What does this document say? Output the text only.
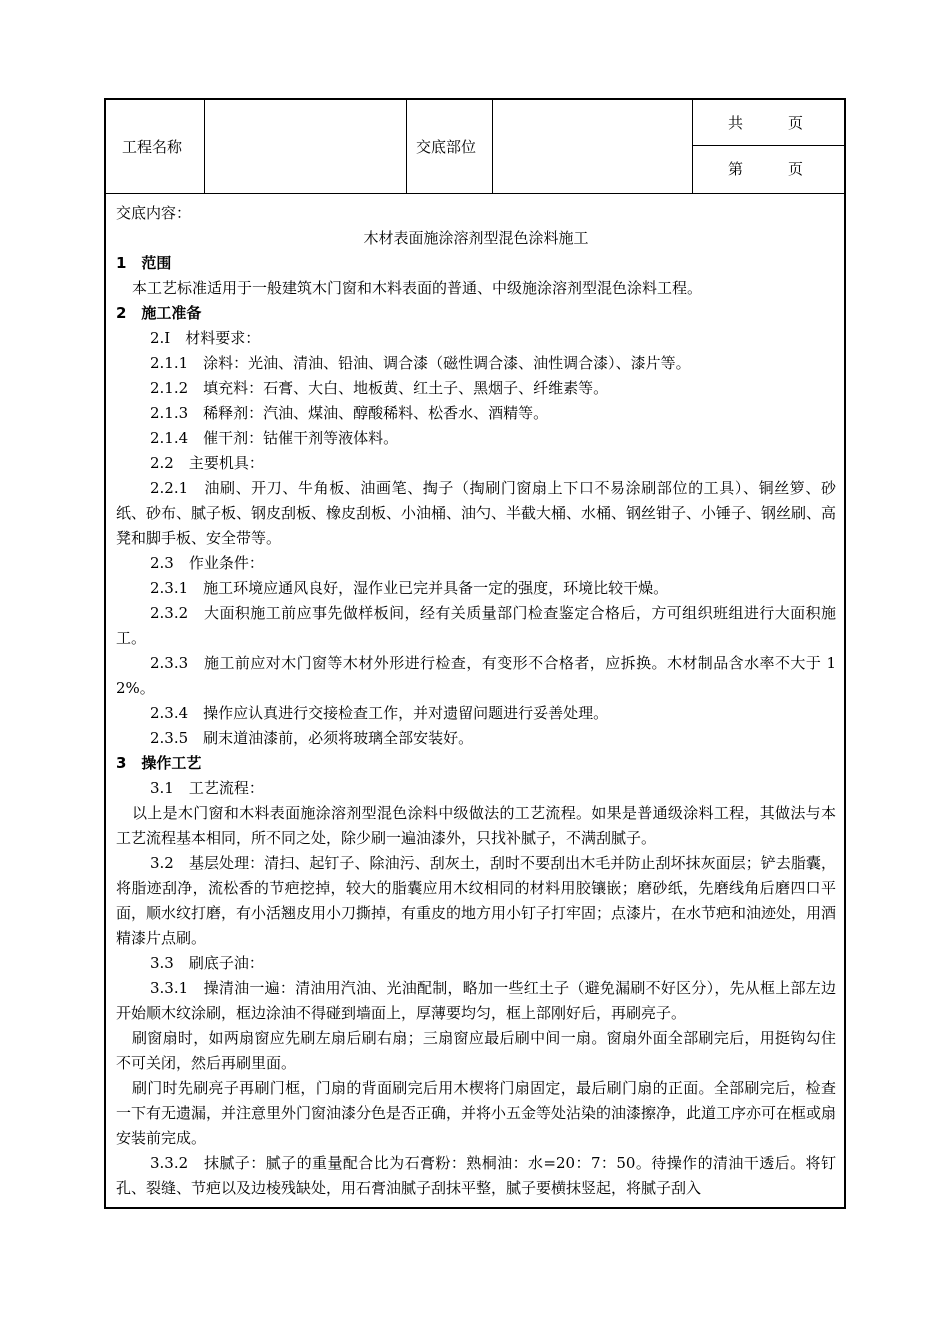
工程名称	交底部位
共　　　页
第　　　页
交底内容：
木材表面施涂溶剂型混色涂料施工
1　范围
本工艺标准适用于一般建筑木门窗和木料表面的普通、中级施涂溶剂型混色涂料工程。
2　施工准备
2.Ⅰ　材料要求：
2.1.1　涂料：光油、清油、铅油、调合漆（磁性调合漆、油性调合漆）、漆片等。
2.1.2　填充料：石膏、大白、地板黄、红土子、黑烟子、纤维素等。
2.1.3　稀释剂：汽油、煤油、醇酸稀料、松香水、酒精等。
2.1.4　催干剂：钴催干剂等液体料。
2.2　主要机具：
2.2.1　油刷、开刀、牛角板、油画笔、掏子（掏刷门窗扇上下口不易涂刷部位的工具）、铜丝箩、砂纸、砂布、腻子板、钢皮刮板、橡皮刮板、小油桶、油勺、半截大桶、水桶、钢丝钳子、小锤子、钢丝刷、高凳和脚手板、安全带等。
2.3　作业条件：
2.3.1　施工环境应通风良好，湿作业已完并具备一定的强度，环境比较干燥。
2.3.2　大面积施工前应事先做样板间，经有关质量部门检查鉴定合格后，方可组织班组进行大面积施工。
2.3.3　施工前应对木门窗等木材外形进行检查，有变形不合格者，应拆换。木材制品含水率不大于 12%。
2.3.4　操作应认真进行交接检查工作，并对遗留问题进行妥善处理。
2.3.5　刷末道油漆前，必须将玻璃全部安装好。
3　操作工艺
3.1　工艺流程：
以上是木门窗和木料表面施涂溶剂型混色涂料中级做法的工艺流程。如果是普通级涂料工程，其做法与本工艺流程基本相同，所不同之处，除少刷一遍油漆外，只找补腻子，不满刮腻子。
3.2　基层处理：清扫、起钉子、除油污、刮灰土，刮时不要刮出木毛并防止刮坏抹灰面层；铲去脂囊，将脂迹刮净，流松香的节疤挖掉，较大的脂囊应用木纹相同的材料用胶镶嵌；磨砂纸，先磨线角后磨四口平面，顺水纹打磨，有小活翘皮用小刀撕掉，有重皮的地方用小钉子打牢固；点漆片，在水节疤和油迹处，用酒精漆片点刷。
3.3　刷底子油：
3.3.1　操清油一遍：清油用汽油、光油配制，略加一些红土子（避免漏刷不好区分），先从框上部左边开始顺木纹涂刷，框边涂油不得碰到墙面上，厚薄要均匀，框上部刚好后，再刷亮子。
刷窗扇时，如两扇窗应先刷左扇后刷右扇；三扇窗应最后刷中间一扇。窗扇外面全部刷完后，用挺钩勾住不可关闭，然后再刷里面。
刷门时先刷亮子再刷门框，门扇的背面刷完后用木楔将门扇固定，最后刷门扇的正面。全部刷完后，检查一下有无遗漏，并注意里外门窗油漆分色是否正确，并将小五金等处沾染的油漆擦净，此道工序亦可在框或扇安装前完成。
3.3.2　抹腻子：腻子的重量配合比为石膏粉：熟桐油：水=20：7：50。待操作的清油干透后。将钉孔、裂缝、节疤以及边棱残缺处，用石膏油腻子刮抹平整，腻子要横抹竖起，将腻子刮入
